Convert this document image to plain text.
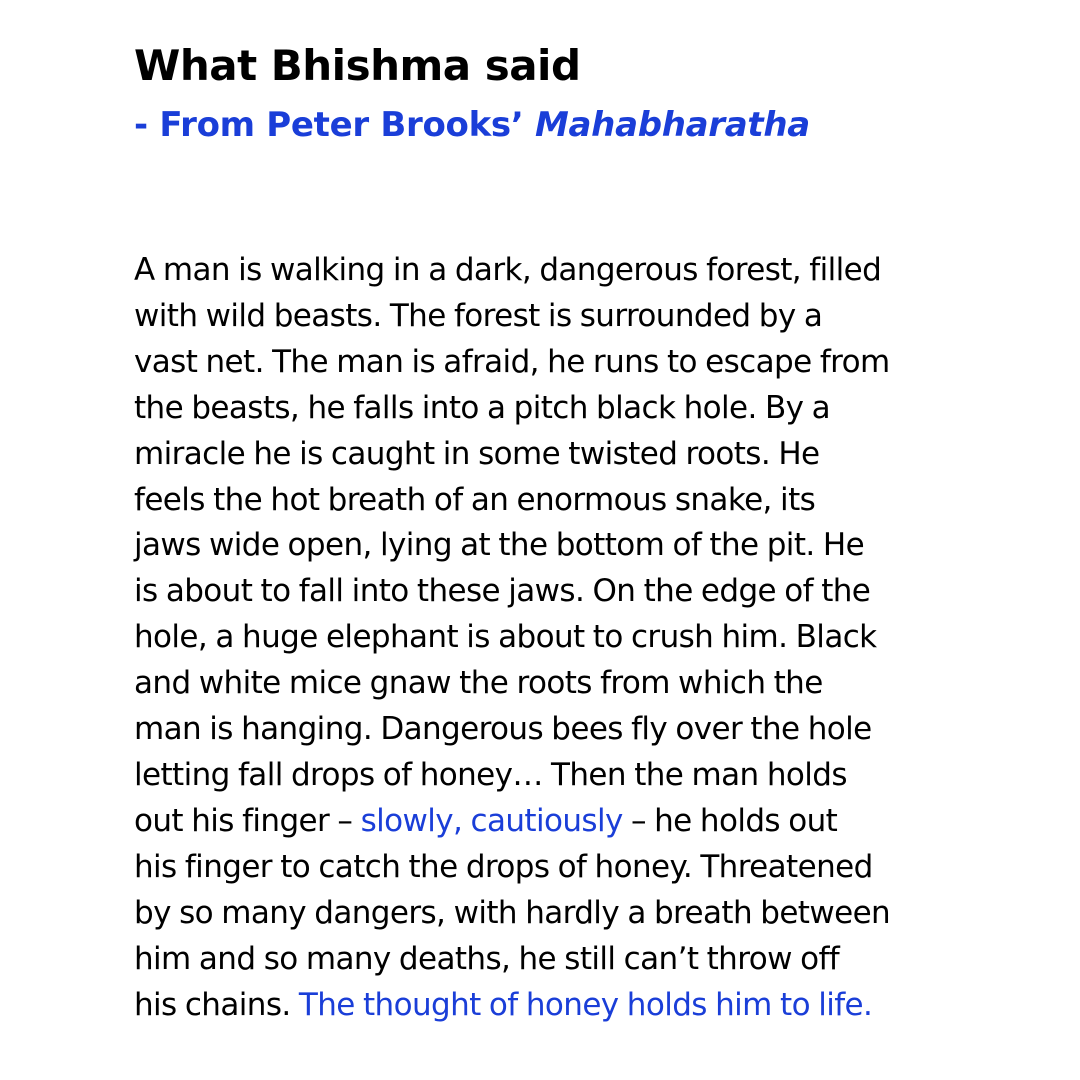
What Bhishma said
- From Peter Brooks’ Mahabharatha

A man is walking in a dark, dangerous forest, filled
with wild beasts. The forest is surrounded by a
vast net. The man is afraid, he runs to escape from
the beasts, he falls into a pitch black hole. By a
miracle he is caught in some twisted roots. He
feels the hot breath of an enormous snake, its
jaws wide open, lying at the bottom of the pit. He
is about to fall into these jaws. On the edge of the
hole, a huge elephant is about to crush him. Black
and white mice gnaw the roots from which the
man is hanging. Dangerous bees fly over the hole
letting fall drops of honey… Then the man holds
out his finger – slowly, cautiously – he holds out
his finger to catch the drops of honey. Threatened
by so many dangers, with hardly a breath between
him and so many deaths, he still can’t throw off
his chains. The thought of honey holds him to life.
